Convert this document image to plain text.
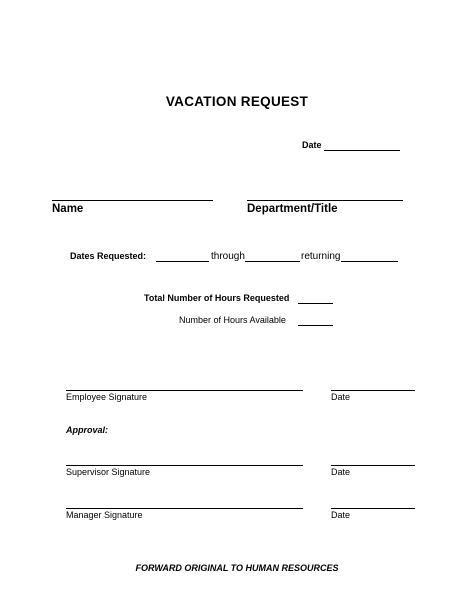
VACATION REQUEST
Date
Name	Department/Title
Dates Requested:	through	returning
Total Number of Hours Requested
Number of Hours Available
Employee Signature	Date
Approval:
Supervisor Signature	Date
Manager Signature	Date
FORWARD ORIGINAL TO HUMAN RESOURCES
